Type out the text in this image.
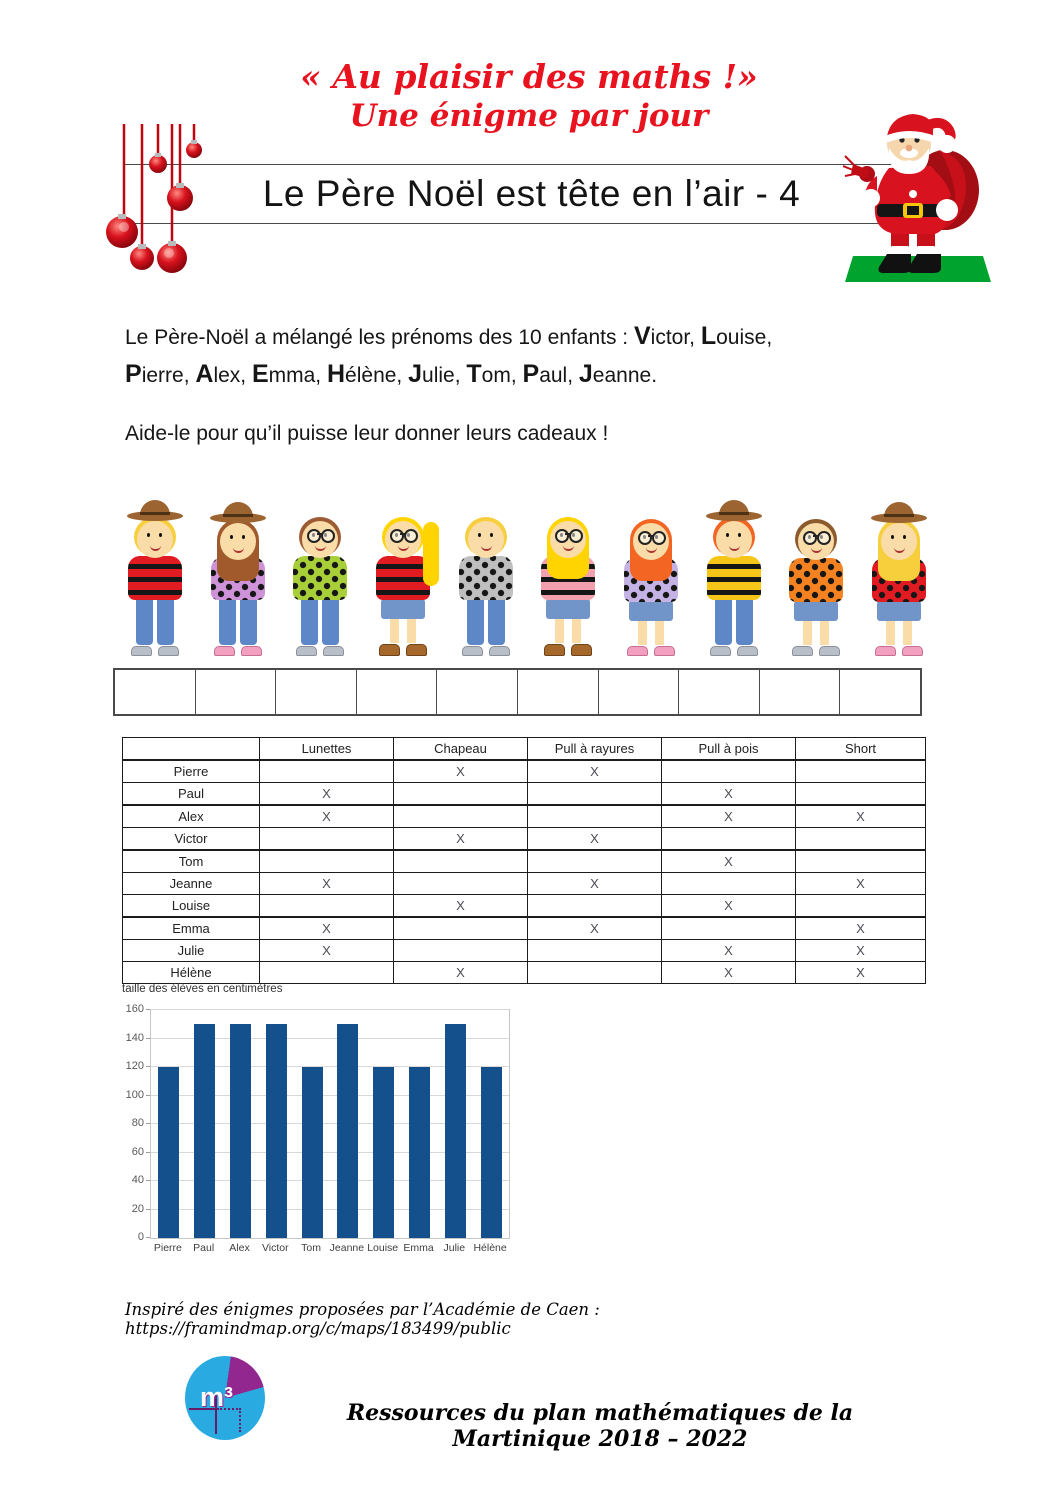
« Au plaisir des maths !»
Une énigme par jour
Le Père Noël est tête en l’air - 4
Le Père-Noël a mélangé les prénoms des 10 enfants : Victor, Louise,
Pierre, Alex, Emma, Hélène, Julie, Tom, Paul, Jeanne.
Aide-le pour qu’il puisse leur donner leurs cadeaux !
	Lunettes	Chapeau	Pull à rayures	Pull à pois	Short
Pierre		X	X		
Paul	X			X	
Alex	X			X	X
Victor		X	X		
Tom				X	
Jeanne	X		X		X
Louise		X		X	
Emma	X		X		X
Julie	X			X	X
Hélène		X		X	X
taille des élèves en centimètres
0
20
40
60
80
100
120
140
160
Pierre	Paul	Alex	Victor	Tom Jeanne Louise Emma Julie Hélène
Inspiré des énigmes proposées par l’Académie de Caen : https://framindmap.org/c/maps/183499/public
m³
Ressources du plan mathématiques de la Martinique 2018 – 2022
